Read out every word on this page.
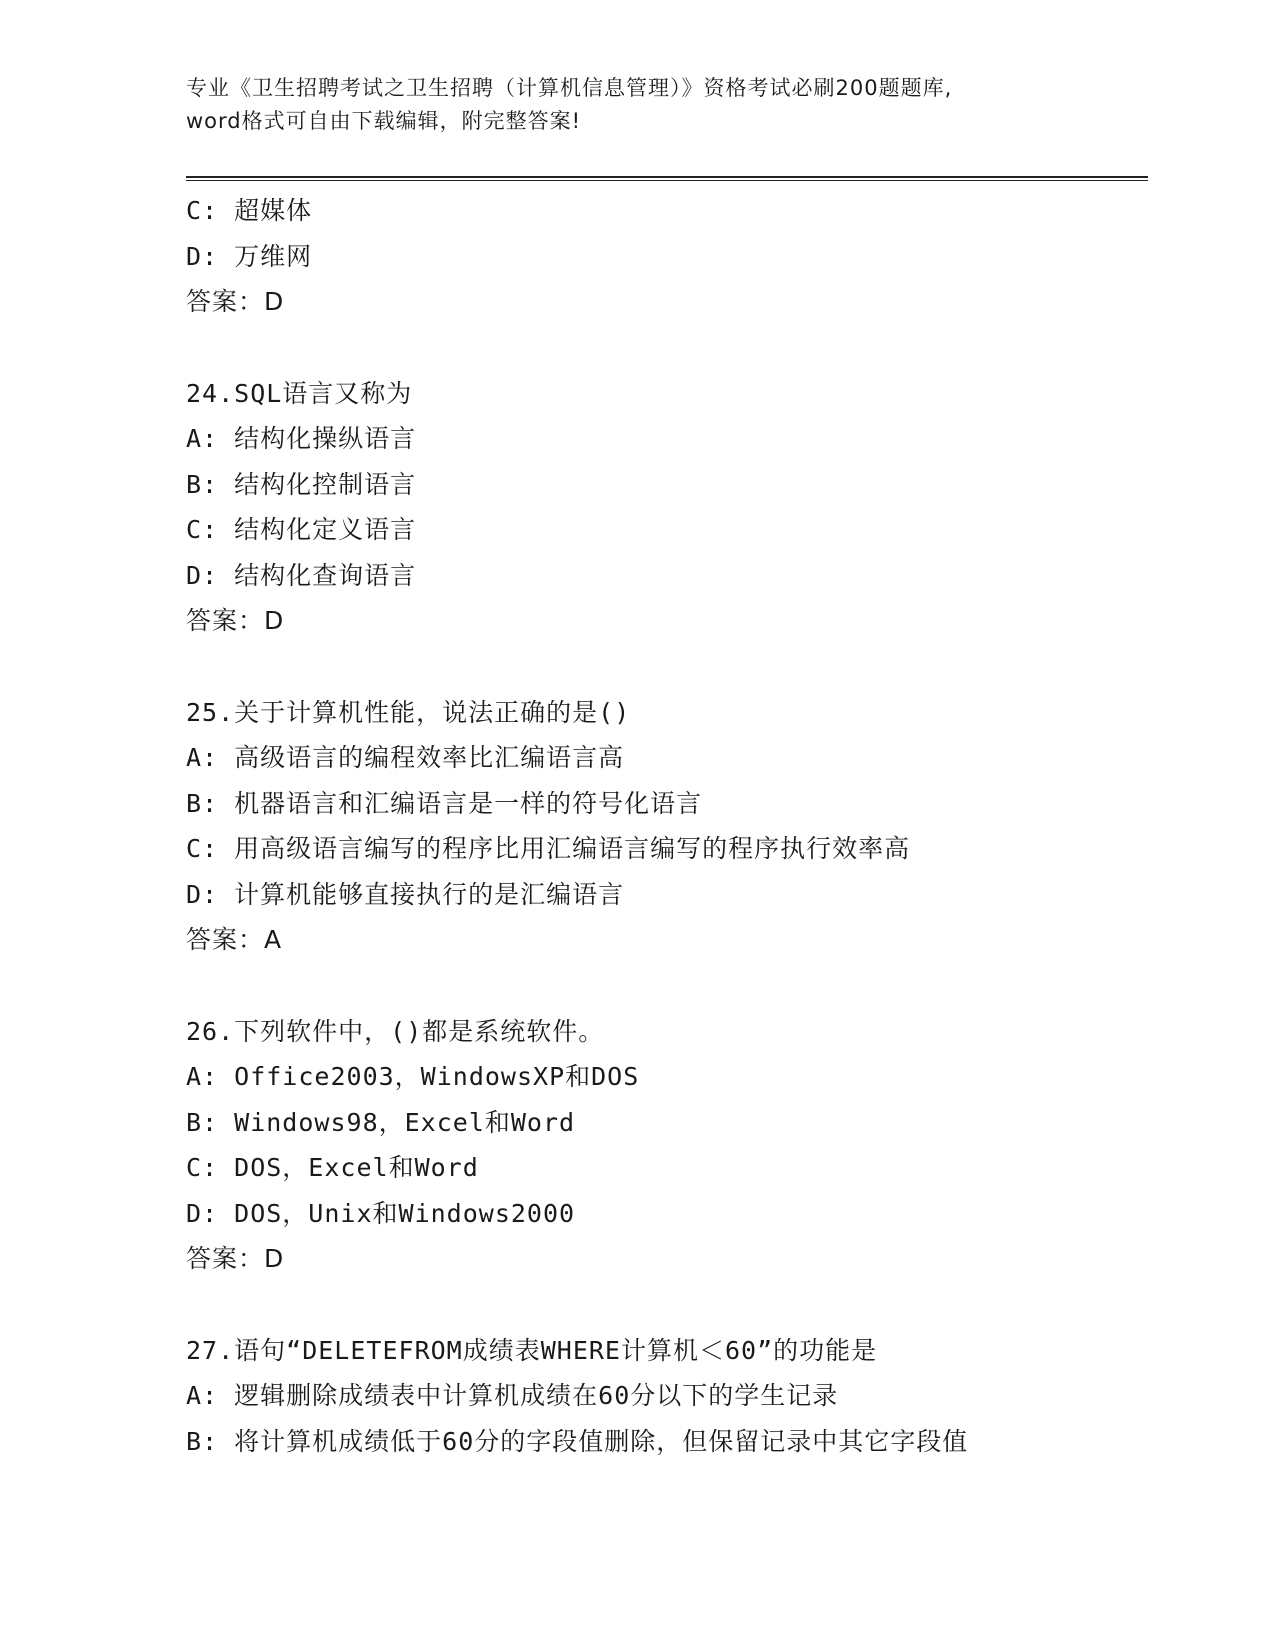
专业《卫生招聘考试之卫生招聘（计算机信息管理）》资格考试必刷200题题库,
word格式可自由下载编辑，附完整答案!
C: 超媒体
D: 万维网
答案：D
24.SQL语言又称为
A: 结构化操纵语言
B: 结构化控制语言
C: 结构化定义语言
D: 结构化查询语言
答案：D
25.关于计算机性能，说法正确的是()
A: 高级语言的编程效率比汇编语言高
B: 机器语言和汇编语言是一样的符号化语言
C: 用高级语言编写的程序比用汇编语言编写的程序执行效率高
D: 计算机能够直接执行的是汇编语言
答案：A
26.下列软件中，()都是系统软件。
A: Office2003，WindowsXP和DOS
B: Windows98，Excel和Word
C: DOS，Excel和Word
D: DOS，Unix和Windows2000
答案：D
27.语句“DELETEFROM成绩表WHERE计算机＜60”的功能是
A: 逻辑删除成绩表中计算机成绩在60分以下的学生记录
B: 将计算机成绩低于60分的字段值删除，但保留记录中其它字段值
